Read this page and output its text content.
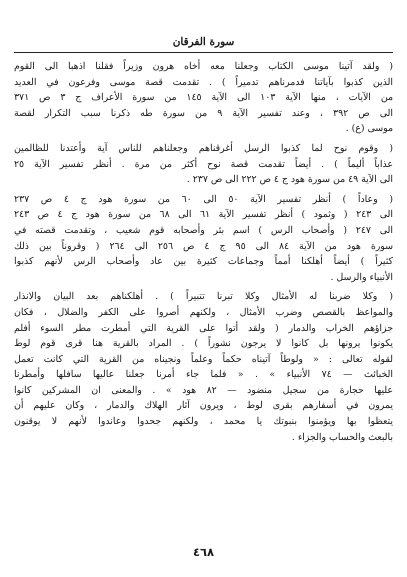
سورة الفرقان
( ولقد آتينا موسى الكتاب وجعلنا معه أخاه هرون وزيراً فقلنا اذهبا الى القوم
الذين كذبوا بآياتنا فدمرناهم تدميراً ) . تقدمت قصة موسى وفرعون في العديد
من الآيات ، منها الآية ١٠٣ الى الآية ١٤٥ من سورة الأعراف ج ٣ ص ٣٧١
الى ص ٣٩٢ ، وعند تفسير الآية ٩ من سورة طه ذكرنا سبب التكرار لقصة
موسى (ع) .
( وقوم نوح لما كذبوا الرسل أغرقناهم وجعلناهم للناس آية وأعتدنا للظالمين
عذاباً أليماً ) . أيضاً تقدمت قصة نوح أكثر من مرة . أنظر تفسير الآية ٢٥
الى الآية ٤٩ من سورة هود ج ٤ ص ٢٢٢ الى ص ٢٣٧ .
( وعاداً ) أنظر تفسير الآية ٥٠ الى ٦٠ من سورة هود ج ٤ ص ٢٣٧
الى ٢٤٣ ( وثمود ) أنظر تفسير الآية ٦١ الى ٦٨ من سورة هود ج ٤ ص ٢٤٣
الى ٢٤٧ ( وأصحاب الرس ) اسم بئر وأصحابه قوم شعيب ، وتقدمت قصته في
سورة هود من الآية ٨٤ الى ٩٥ ج ٤ ص ٢٥٦ الى ٢٦٤ ( وقروناً بين ذلك
كثيراً ) أيضاً أهلكنا أمماً وجماعات كثيرة بين عاد وأصحاب الرس لأنهم كذبوا
الأنبياء والرسل .
( وكلا ضربنا له الأمثال وكلا تبرنا تتبيراً ) . أهلكناهم بعد البيان والانذار
والمواعظ بالقصص وضرب الأمثال ، ولكنهم أصروا على الكفر والضلال ، فكان
جزاؤهم الخراب والدمار ( ولقد أتوا على القرية التي أمطرت مطر السوء أفلم
يكونوا يرونها بل كانوا لا يرجون نشوراً ) . المراد بالقرية هنا قرى قوم لوط
لقوله تعالى : « ولوطاً آتيناه حكماً وعلماً ونجيناه من القرية التي كانت تعمل
الخبائث — ٧٤ الأنبياء » . « فلما جاء أمرنا جعلنا عاليها سافلها وأمطرنا
عليها حجارة من سجيل منضود — ٨٢ هود » . والمعنى ان المشركين كانوا
يمرون في أسفارهم بقرى لوط ، ويرون آثار الهلاك والدمار ، وكان عليهم أن
يتعظوا بها ويؤمنوا بنبوتك يا محمد ، ولكنهم جحدوا وعاندوا لأنهم لا يوقنون
بالبعث والحساب والجزاء .
٤٦٨
